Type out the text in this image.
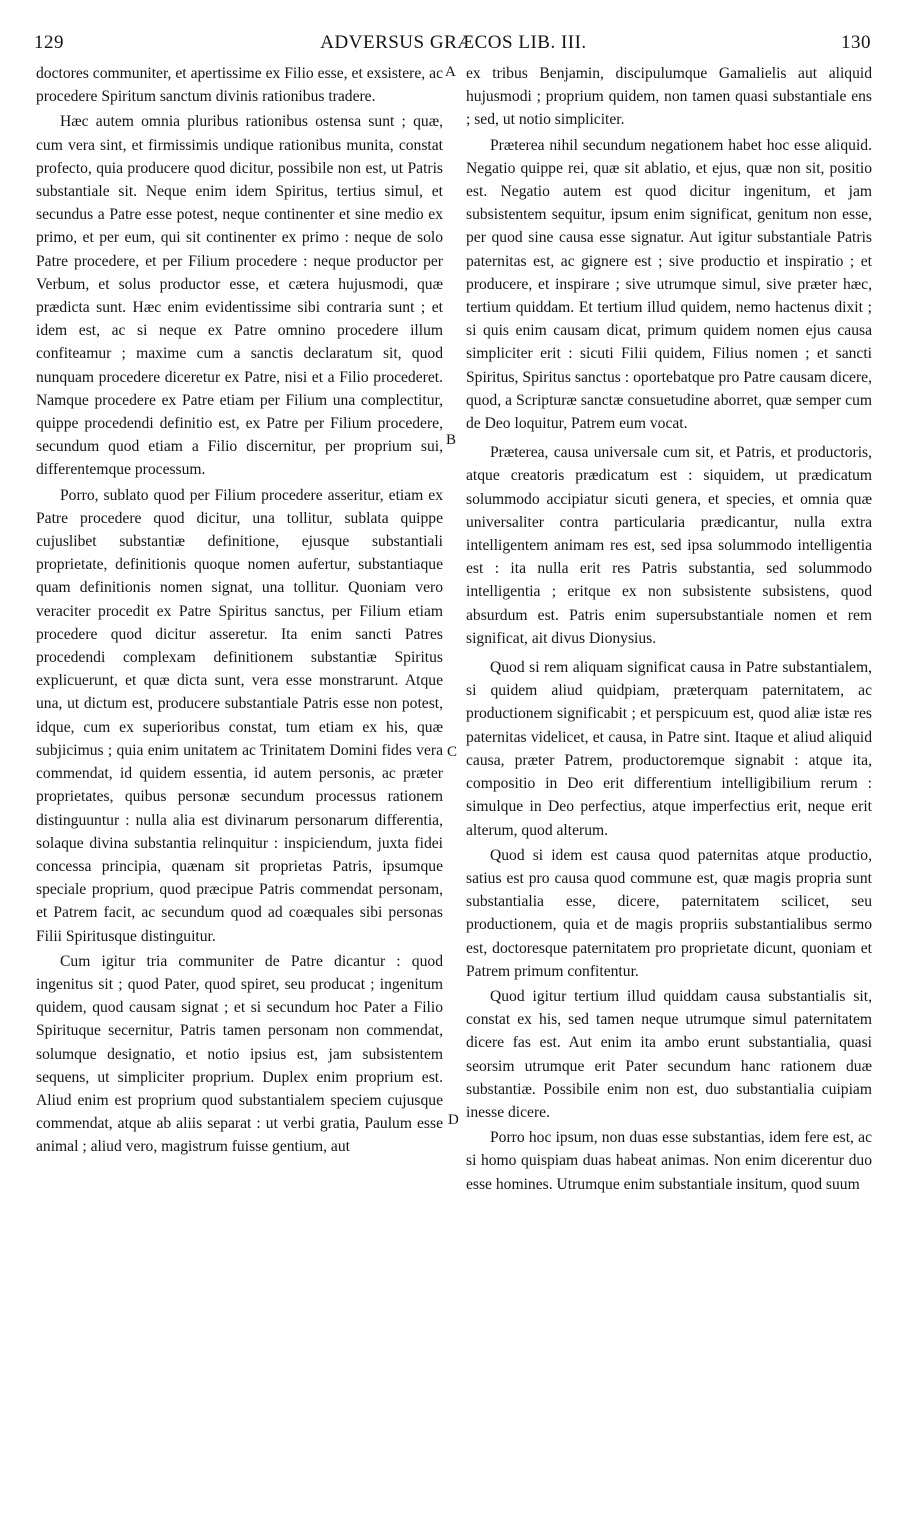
129	ADVERSUS GRÆCOS LIB. III.	130

doctores communiter, et apertissime ex Filio esse, et exsistere, ac procedere Spiritum sanctum divinis rationibus tradere.

Hæc autem omnia pluribus rationibus ostensa sunt ; quæ, cum vera sint, et firmissimis undique rationibus munita, constat profecto, quia producere quod dicitur, possibile non est, ut Patris substantiale sit. Neque enim idem Spiritus, tertius simul, et secundus a Patre esse potest, neque continenter et sine medio ex primo, et per eum, qui sit continenter ex primo : neque de solo Patre procedere, et per Filium procedere : neque productor per Verbum, et solus productor esse, et cætera hujusmodi, quæ prædicta sunt. Hæc enim evidentissime sibi contraria sunt ; et idem est, ac si neque ex Patre omnino procedere illum confiteamur ; maxime cum a sanctis declaratum sit, quod nunquam procedere diceretur ex Patre, nisi et a Filio procederet. Namque procedere ex Patre etiam per Filium una complectitur, quippe procedendi definitio est, ex Patre per Filium procedere, secundum quod etiam a Filio discernitur, per proprium sui, differentemque processum.

Porro, sublato quod per Filium procedere asseritur, etiam ex Patre procedere quod dicitur, una tollitur, sublata quippe cujuslibet substantiæ definitione, ejusque substantiali proprietate, definitionis quoque nomen aufertur, substantiaque quam definitionis nomen signat, una tollitur. Quoniam vero veraciter procedit ex Patre Spiritus sanctus, per Filium etiam procedere quod dicitur asseretur. Ita enim sancti Patres procedendi complexam definitionem substantiæ Spiritus explicuerunt, et quæ dicta sunt, vera esse monstrarunt. Atque una, ut dictum est, producere substantiale Patris esse non potest, idque, cum ex superioribus constat, tum etiam ex his, quæ subjicimus ; quia enim unitatem ac Trinitatem Domini fides vera commendat, id quidem essentia, id autem personis, ac præter proprietates, quibus personæ secundum processus rationem distinguuntur : nulla alia est divinarum personarum differentia, solaque divina substantia relinquitur : inspiciendum, juxta fidei concessa principia, quænam sit proprietas Patris, ipsumque speciale proprium, quod præcipue Patris commendat personam, et Patrem facit, ac secundum quod ad coæquales sibi personas Filii Spiritusque distinguitur.

Cum igitur tria communiter de Patre dicantur : quod ingenitus sit ; quod Pater, quod spiret, seu producat ; ingenitum quidem, quod causam signat ; et si secundum hoc Pater a Filio Spirituque secernitur, Patris tamen personam non commendat, solumque designatio, et notio ipsius est, jam subsistentem sequens, ut simpliciter proprium. Duplex enim proprium est. Aliud enim est proprium quod substantialem speciem cujusque commendat, atque ab aliis separat : ut verbi gratia, Paulum esse animal ; aliud vero, magistrum fuisse gentium, aut

A
B
C
D

ex tribus Benjamin, discipulumque Gamalielis aut aliquid hujusmodi ; proprium quidem, non tamen quasi substantiale ens ; sed, ut notio simpliciter.

Præterea nihil secundum negationem habet hoc esse aliquid. Negatio quippe rei, quæ sit ablatio, et ejus, quæ non sit, positio est. Negatio autem est quod dicitur ingenitum, et jam subsistentem sequitur, ipsum enim significat, genitum non esse, per quod sine causa esse signatur. Aut igitur substantiale Patris paternitas est, ac gignere est ; sive productio et inspiratio ; et producere, et inspirare ; sive utrumque simul, sive præter hæc, tertium quiddam. Et tertium illud quidem, nemo hactenus dixit ; si quis enim causam dicat, primum quidem nomen ejus causa simpliciter erit : sicuti Filii quidem, Filius nomen ; et sancti Spiritus, Spiritus sanctus : oportebatque pro Patre causam dicere, quod, a Scripturæ sanctæ consuetudine aborret, quæ semper cum de Deo loquitur, Patrem eum vocat.

Præterea, causa universale cum sit, et Patris, et productoris, atque creatoris prædicatum est : siquidem, ut prædicatum solummodo accipiatur sicuti genera, et species, et omnia quæ universaliter contra particularia prædicantur, nulla extra intelligentem animam res est, sed ipsa solummodo intelligentia est : ita nulla erit res Patris substantia, sed solummodo intelligentia ; eritque ex non subsistente subsistens, quod absurdum est. Patris enim supersubstantiale nomen et rem significat, ait divus Dionysius.

Quod si rem aliquam significat causa in Patre substantialem, si quidem aliud quidpiam, præterquam paternitatem, ac productionem significabit ; et perspicuum est, quod aliæ istæ res paternitas videlicet, et causa, in Patre sint. Itaque et aliud aliquid causa, præter Patrem, productoremque signabit : atque ita, compositio in Deo erit differentium intelligibilium rerum : simulque in Deo perfectius, atque imperfectius erit, neque erit alterum, quod alterum.

Quod si idem est causa quod paternitas atque productio, satius est pro causa quod commune est, quæ magis propria sunt substantialia esse, dicere, paternitatem scilicet, seu productionem, quia et de magis propriis substantialibus sermo est, doctoresque paternitatem pro proprietate dicunt, quoniam et Patrem primum confitentur.

Quod igitur tertium illud quiddam causa substantialis sit, constat ex his, sed tamen neque utrumque simul paternitatem dicere fas est. Aut enim ita ambo erunt substantialia, quasi seorsim utrumque erit Pater secundum hanc rationem duæ substantiæ. Possibile enim non est, duo substantialia cuipiam inesse dicere.

Porro hoc ipsum, non duas esse substantias, idem fere est, ac si homo quispiam duas habeat animas. Non enim dicerentur duo esse homines. Utrumque enim substantiale insitum, quod suum
